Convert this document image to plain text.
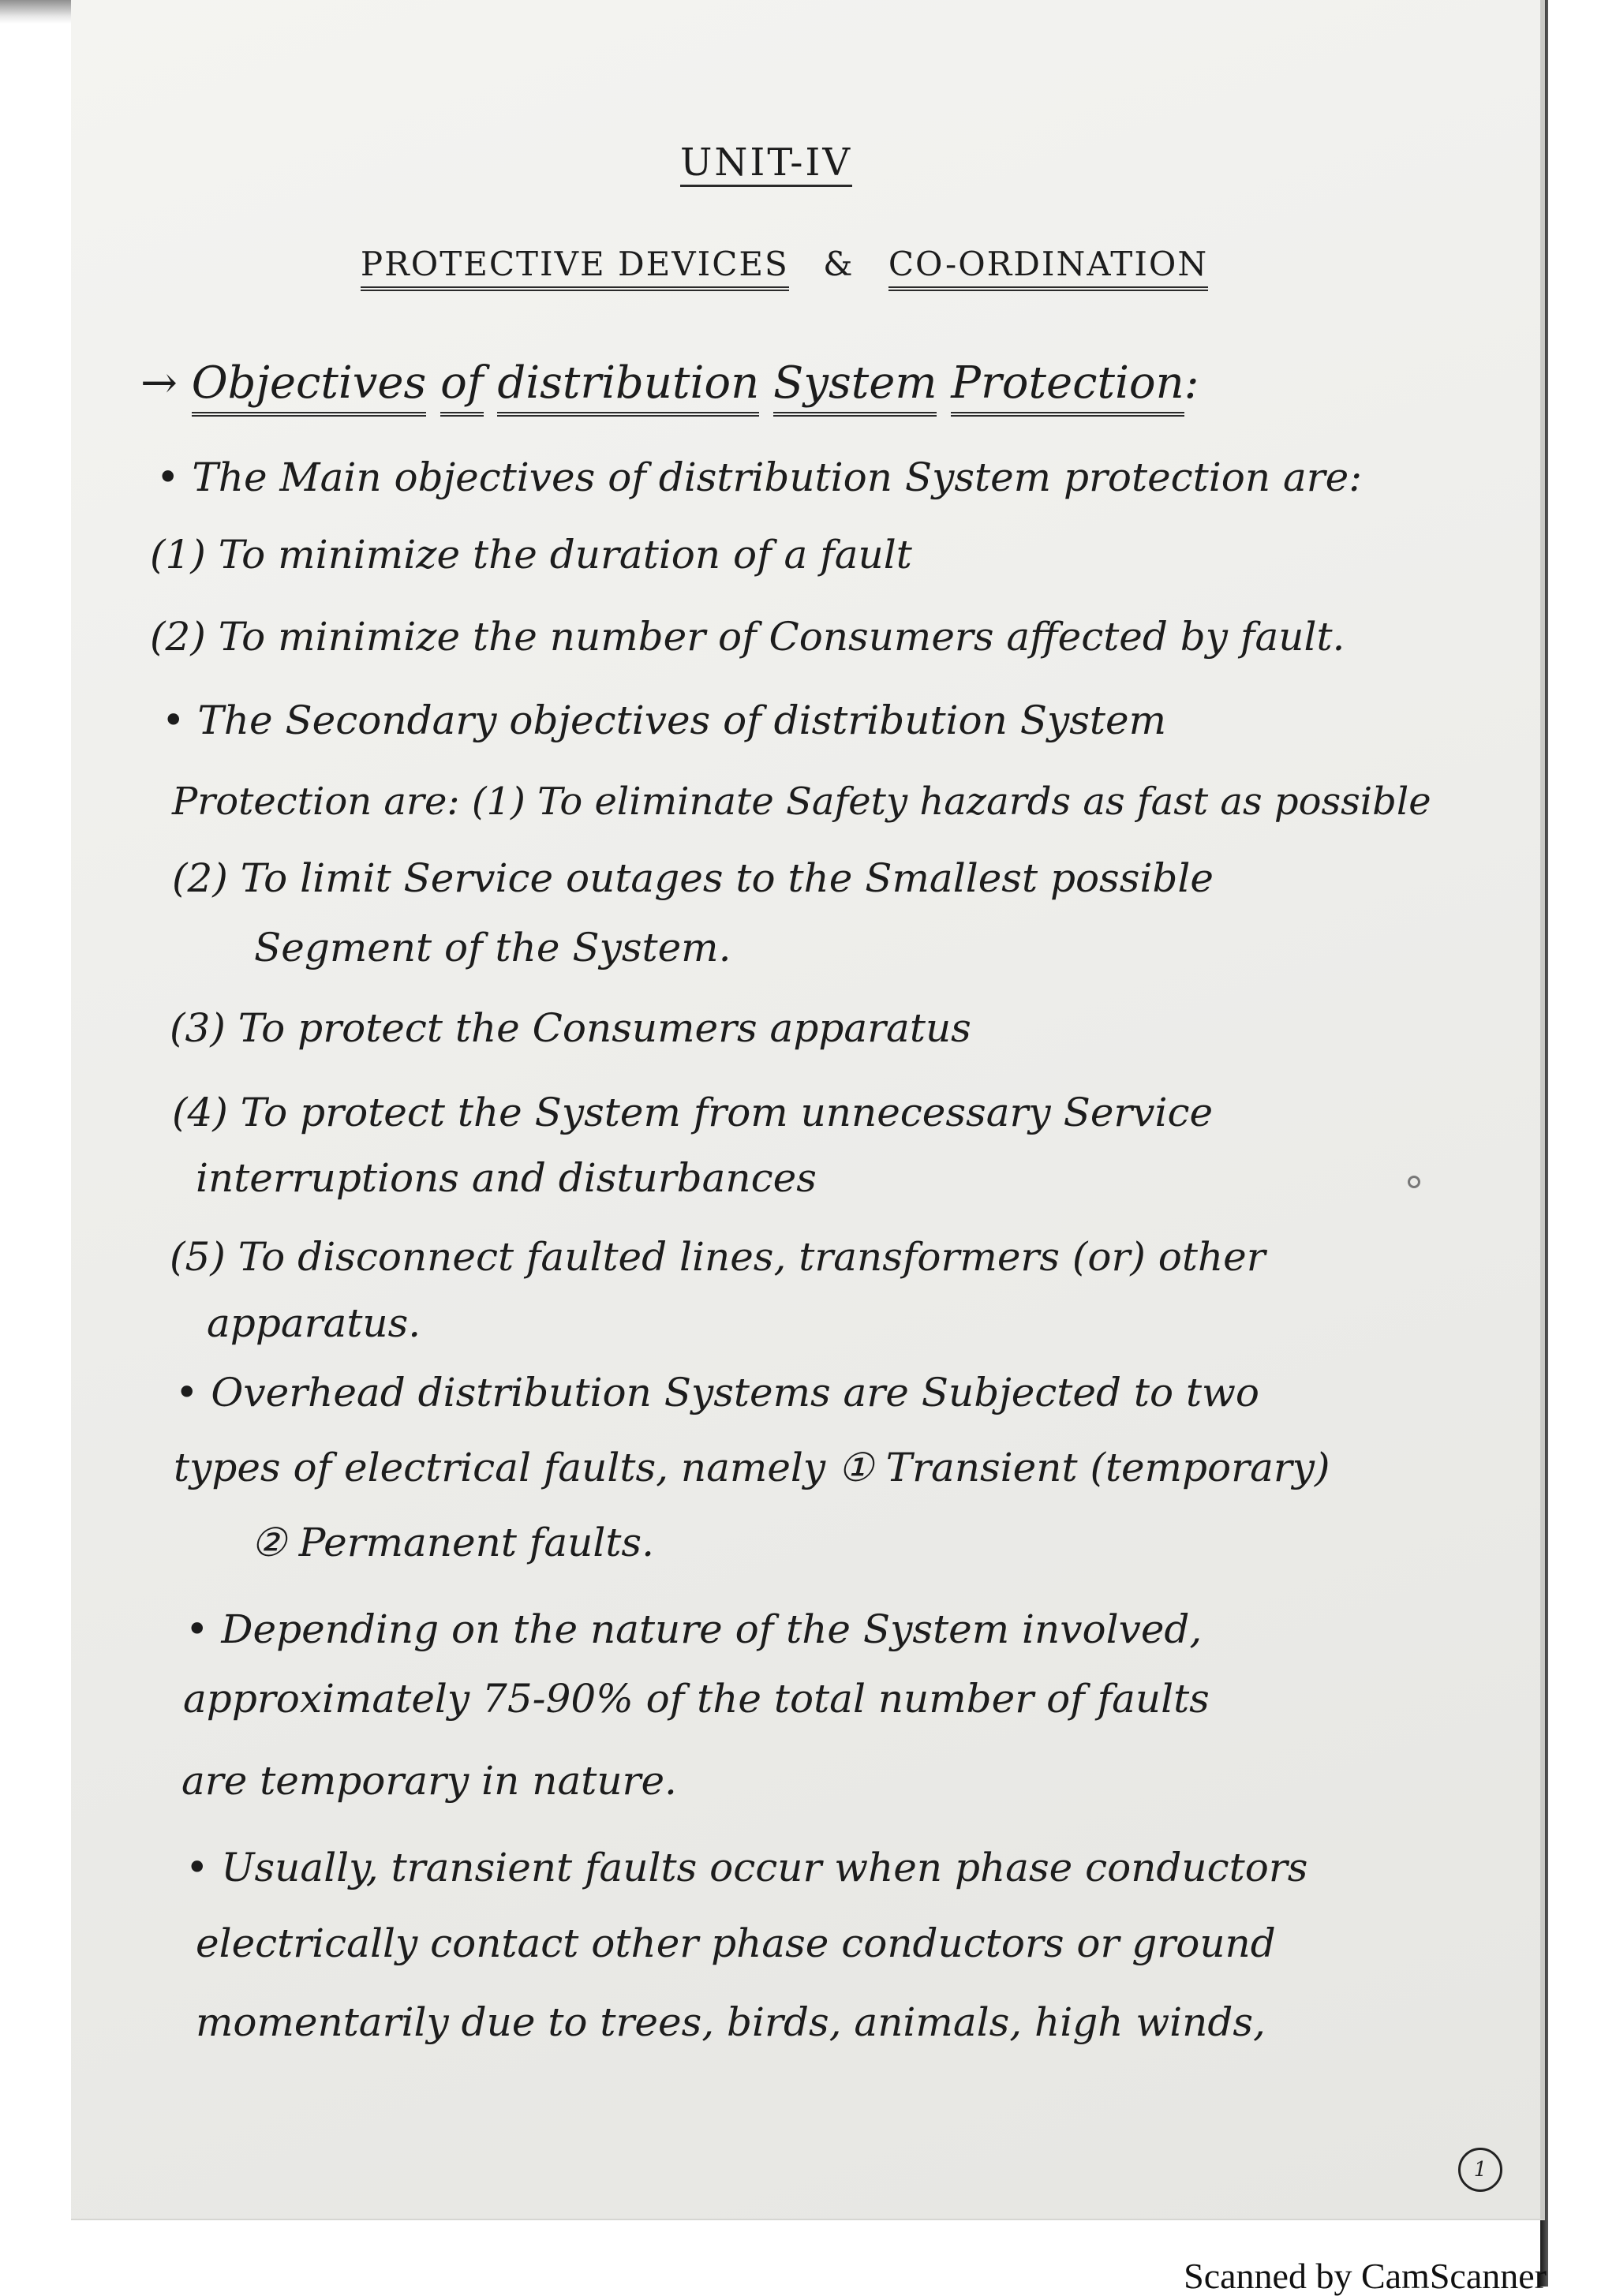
UNIT-IV
PROTECTIVE DEVICES & CO-ORDINATION
→ Objectives of distribution System Protection:
• The Main objectives of distribution System protection are:
(1) To minimize the duration of a fault
(2) To minimize the number of Consumers affected by fault.
• The Secondary objectives of distribution System
Protection are: (1) To eliminate Safety hazards as fast as possible
(2) To limit Service outages to the Smallest possible
Segment of the System.
(3) To protect the Consumers apparatus
(4) To protect the System from unnecessary Service
interruptions and disturbances
(5) To disconnect faulted lines, transformers (or) other
apparatus.
• Overhead distribution Systems are Subjected to two
types of electrical faults, namely ① Transient (temporary)
② Permanent faults.
• Depending on the nature of the System involved,
approximately 75-90% of the total number of faults
are temporary in nature.
• Usually, transient faults occur when phase conductors
electrically contact other phase conductors or ground
momentarily due to trees, birds, animals, high winds,
1
Scanned by CamScanner
